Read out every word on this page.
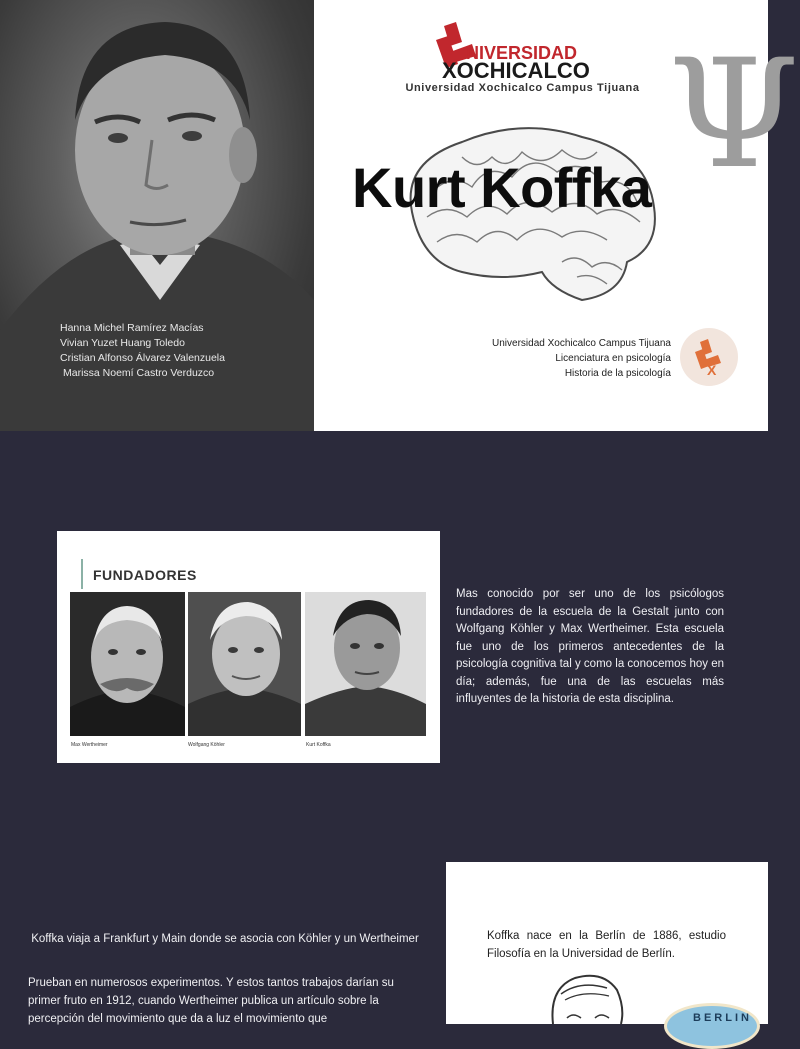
Hanna Michel Ramírez Macías
Vivian Yuzet Huang Toledo
Cristian Alfonso Álvarez Valenzuela
Marissa Noemí Castro Verduzco
NIVERSIDAD
XOCHICALCO
Universidad Xochicalco Campus Tijuana Ψ
Kurt Koffka
Universidad Xochicalco Campus Tijuana
Licenciatura en psicología
Historia de la psicología	X
FUNDADORES
Max Wertheimer	Wolfgang Köhler	Kurt Koffka
Mas conocido por ser uno de los psicólogos fundadores de la escuela de la Gestalt junto con Wolfgang Köhler y Max Wertheimer. Esta escuela fue uno de los primeros antecedentes de la psicología cognitiva tal y como la conocemos hoy en día; además, fue una de las escuelas más influyentes de la historia de esta disciplina.
Koffka nace en la Berlín de 1886, estudio Filosofía en la Universidad de Berlín.
BERLIN
Koffka viaja a Frankfurt y Main donde se asocia con Köhler y un Wertheimer
Prueban en numerosos experimentos. Y estos tantos trabajos darían su primer fruto en 1912, cuando Wertheimer publica un artículo sobre la percepción del movimiento que da a luz el movimiento que
